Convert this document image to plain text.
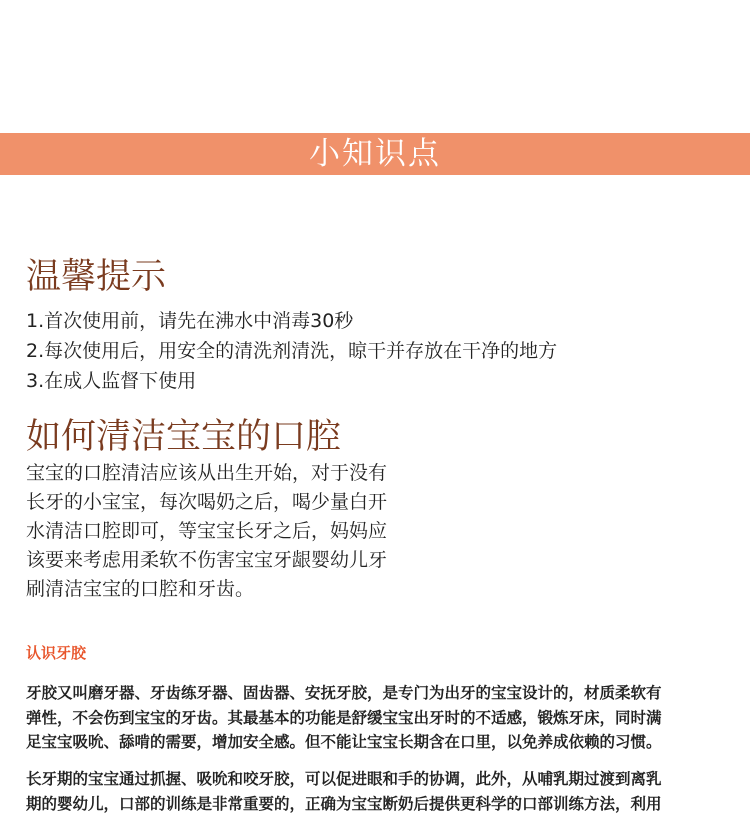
小知识点
温馨提示
1.首次使用前，请先在沸水中消毒30秒
2.每次使用后，用安全的清洗剂清洗，晾干并存放在干净的地方
3.在成人监督下使用
如何清洁宝宝的口腔
宝宝的口腔清洁应该从出生开始，对于没有
长牙的小宝宝，每次喝奶之后，喝少量白开
水清洁口腔即可，等宝宝长牙之后，妈妈应
该要来考虑用柔软不伤害宝宝牙龈婴幼儿牙
刷清洁宝宝的口腔和牙齿。
认识牙胶
牙胶又叫磨牙器、牙齿练牙器、固齿器、安抚牙胶，是专门为出牙的宝宝设计的，材质柔软有
弹性，不会伤到宝宝的牙齿。其最基本的功能是舒缓宝宝出牙时的不适感，锻炼牙床，同时满
足宝宝吸吮、舔啃的需要，增加安全感。但不能让宝宝长期含在口里，以免养成依赖的习惯。
长牙期的宝宝通过抓握、吸吮和咬牙胶，可以促进眼和手的协调，此外，从哺乳期过渡到离乳
期的婴幼儿，口部的训练是非常重要的，正确为宝宝断奶后提供更科学的口部训练方法，利用
